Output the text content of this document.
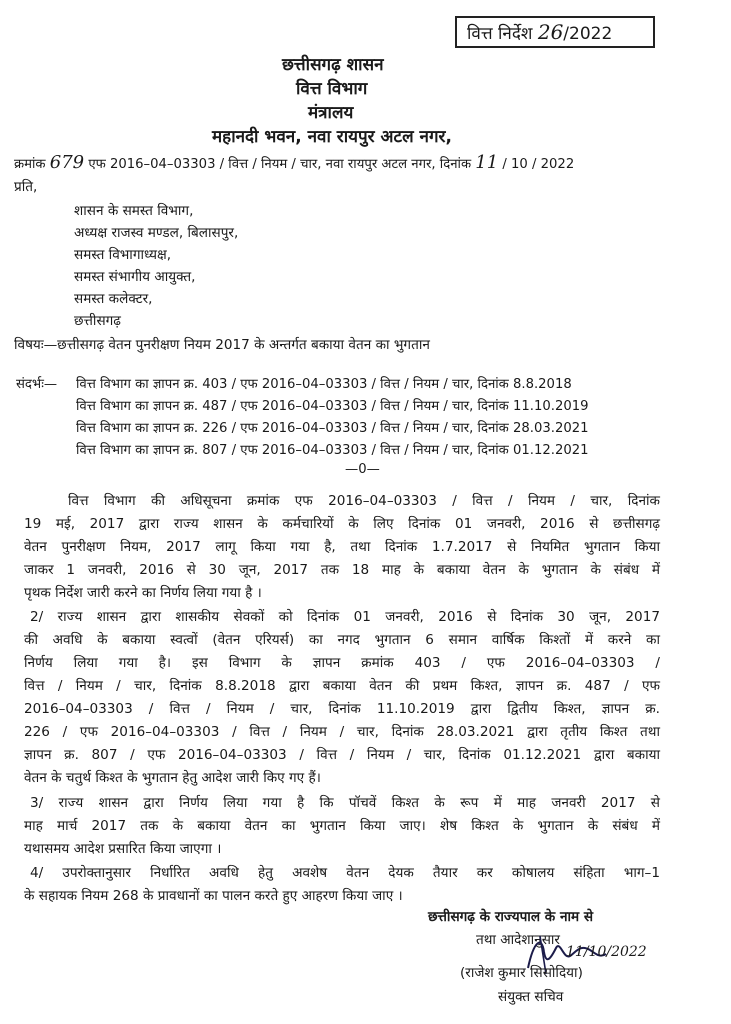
वित्त निर्देश 26/2022
छत्तीसगढ़ शासन
वित्त विभाग
मंत्रालय
महानदी भवन, नवा रायपुर अटल नगर,
क्रमांक 679 एफ 2016–04–03303 / वित्त / नियम / चार, नवा रायपुर अटल नगर, दिनांक 11 / 10 / 2022
प्रति,
शासन के समस्त विभाग,
अध्यक्ष राजस्व मण्डल, बिलासपुर,
समस्त विभागाध्यक्ष,
समस्त संभागीय आयुक्त,
समस्त कलेक्टर,
छत्तीसगढ़
विषयः—छत्तीसगढ़ वेतन पुनरीक्षण नियम 2017 के अन्तर्गत बकाया वेतन का भुगतान
संदर्भः— वित्त विभाग का ज्ञापन क्र. 403 / एफ 2016–04–03303 / वित्त / नियम / चार, दिनांक 8.8.2018
वित्त विभाग का ज्ञापन क्र. 487 / एफ 2016–04–03303 / वित्त / नियम / चार, दिनांक 11.10.2019
वित्त विभाग का ज्ञापन क्र. 226 / एफ 2016–04–03303 / वित्त / नियम / चार, दिनांक 28.03.2021
वित्त विभाग का ज्ञापन क्र. 807 / एफ 2016–04–03303 / वित्त / नियम / चार, दिनांक 01.12.2021
—0—
वित्त विभाग की अधिसूचना क्रमांक एफ 2016–04–03303 / वित्त / नियम / चार, दिनांक
19 मई, 2017 द्वारा राज्य शासन के कर्मचारियों के लिए दिनांक 01 जनवरी, 2016 से छत्तीसगढ़
वेतन पुनरीक्षण नियम, 2017 लागू किया गया है, तथा दिनांक 1.7.2017 से नियमित भुगतान किया
जाकर 1 जनवरी, 2016 से 30 जून, 2017 तक 18 माह के बकाया वेतन के भुगतान के संबंध में
पृथक निर्देश जारी करने का निर्णय लिया गया है ।
2/ राज्य शासन द्वारा शासकीय सेवकों को दिनांक 01 जनवरी, 2016 से दिनांक 30 जून, 2017
की अवधि के बकाया स्वत्वों (वेतन एरियर्स) का नगद भुगतान 6 समान वार्षिक किश्तों में करने का
निर्णय लिया गया है। इस विभाग के ज्ञापन क्रमांक 403 / एफ 2016–04–03303 /
वित्त / नियम / चार, दिनांक 8.8.2018 द्वारा बकाया वेतन की प्रथम किश्त, ज्ञापन क्र. 487 / एफ
2016–04–03303 / वित्त / नियम / चार, दिनांक 11.10.2019 द्वारा द्वितीय किश्त, ज्ञापन क्र.
226 / एफ 2016–04–03303 / वित्त / नियम / चार, दिनांक 28.03.2021 द्वारा तृतीय किश्त तथा
ज्ञापन क्र. 807 / एफ 2016–04–03303 / वित्त / नियम / चार, दिनांक 01.12.2021 द्वारा बकाया
वेतन के चतुर्थ किश्त के भुगतान हेतु आदेश जारी किए गए हैं।
3/ राज्य शासन द्वारा निर्णय लिया गया है कि पॉचवें किश्त के रूप में माह जनवरी 2017 से
माह मार्च 2017 तक के बकाया वेतन का भुगतान किया जाए। शेष किश्त के भुगतान के संबंध में
यथासमय आदेश प्रसारित किया जाएगा ।
4/ उपरोक्तानुसार निर्धारित अवधि हेतु अवशेष वेतन देयक तैयार कर कोषालय संहिता भाग–1
के सहायक नियम 268 के प्रावधानों का पालन करते हुए आहरण किया जाए ।
छत्तीसगढ़ के राज्यपाल के नाम से
तथा आदेशानुसार
11/10/2022
(राजेश कुमार सिसोदिया)
संयुक्त सचिव
